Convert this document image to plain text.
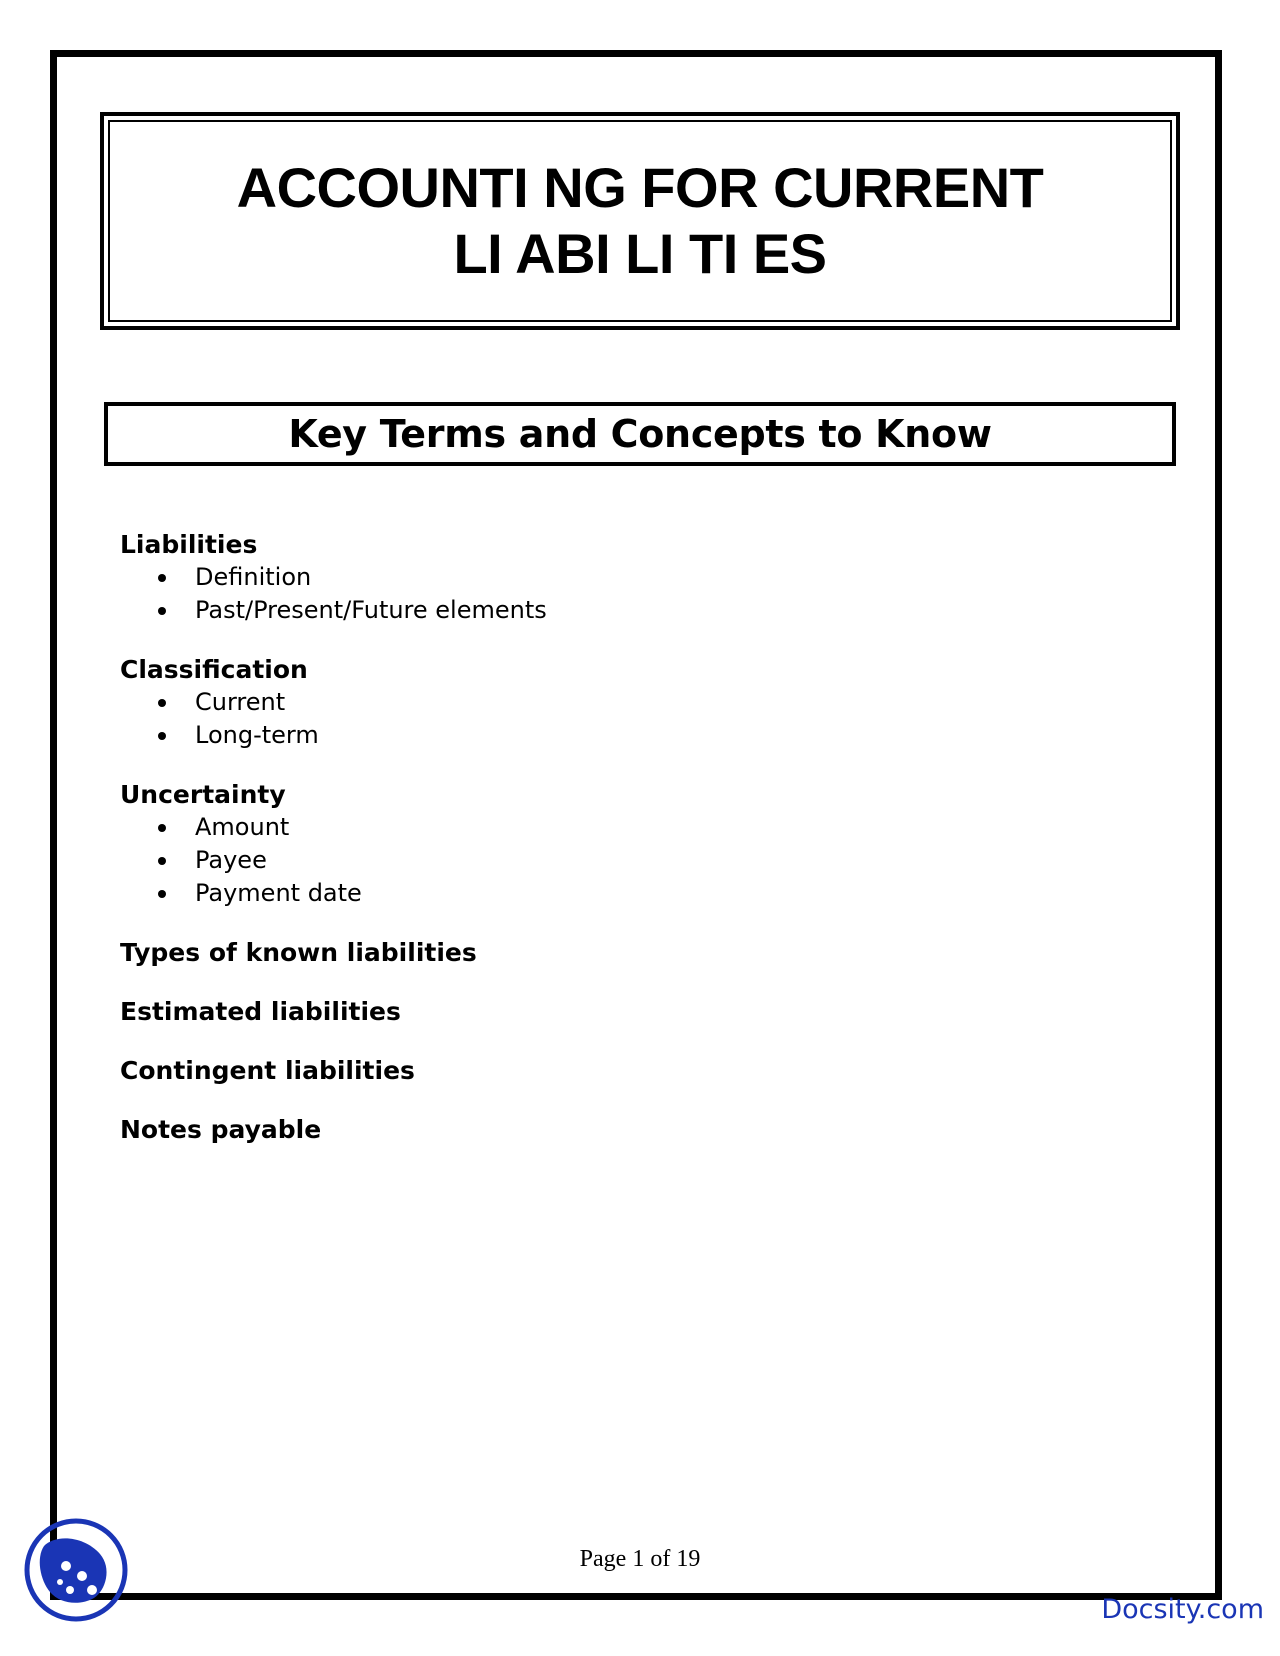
ACCOUNTI NG FOR CURRENT
LI ABI LI TI ES
Key Terms and Concepts to Know
Liabilities
Definition
Past/Present/Future elements
Classification
Current
Long-term
Uncertainty
Amount
Payee
Payment date
Types of known liabilities
Estimated liabilities
Contingent liabilities
Notes payable
Page 1 of 19
Docsity.com
